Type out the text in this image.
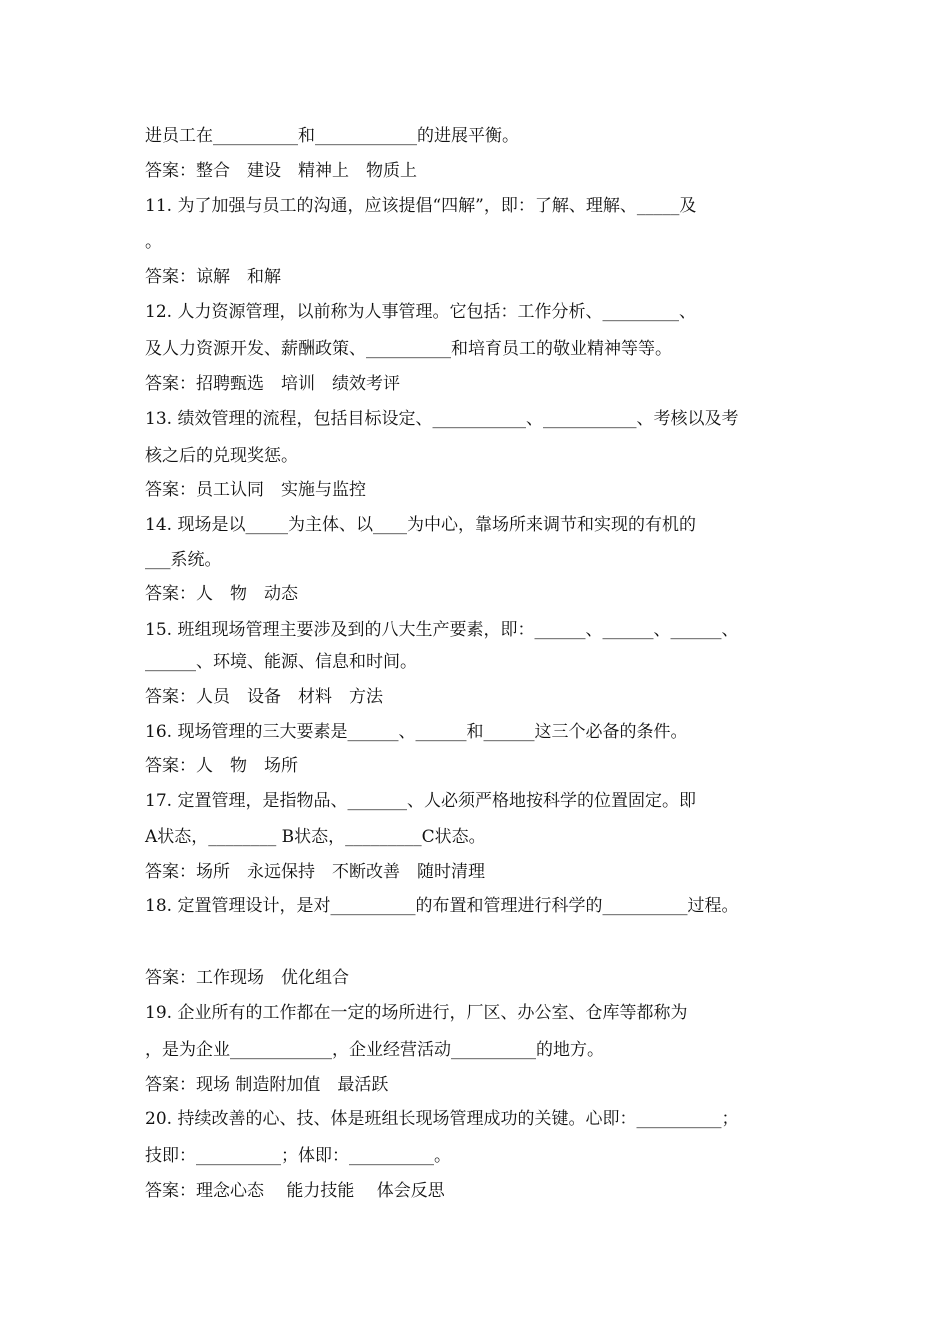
进员工在__________和____________的进展平衡。
答案：整合　建设　精神上　物质上
11. 为了加强与员工的沟通，应该提倡“四解”，即：了解、理解、_____及
。
答案：谅解　和解
12. 人力资源管理，以前称为人事管理。它包括：工作分析、_________、
及人力资源开发、薪酬政策、__________和培育员工的敬业精神等等。
答案：招聘甄选　培训　绩效考评
13. 绩效管理的流程，包括目标设定、___________、___________、考核以及考
核之后的兑现奖惩。
答案：员工认同　实施与监控
14. 现场是以_____为主体、以____为中心，靠场所来调节和实现的有机的
___系统。
答案：人　物　动态
15. 班组现场管理主要涉及到的八大生产要素，即：______、______、______、
______、环境、能源、信息和时间。
答案：人员　设备　材料　方法
16. 现场管理的三大要素是______、______和______这三个必备的条件。
答案：人　物　场所
17. 定置管理，是指物品、_______、人必须严格地按科学的位置固定。即
A状态，________ B状态，_________C状态。
答案：场所　永远保持　不断改善　随时清理
18. 定置管理设计，是对__________的布置和管理进行科学的__________过程。
答案：工作现场　优化组合
19. 企业所有的工作都在一定的场所进行，厂区、办公室、仓库等都称为
，是为企业____________，企业经营活动__________的地方。
答案：现场 制造附加值　最活跃
20. 持续改善的心、技、体是班组长现场管理成功的关键。心即：__________；
技即：__________；体即：__________。
答案：理念心态　 能力技能　 体会反思
